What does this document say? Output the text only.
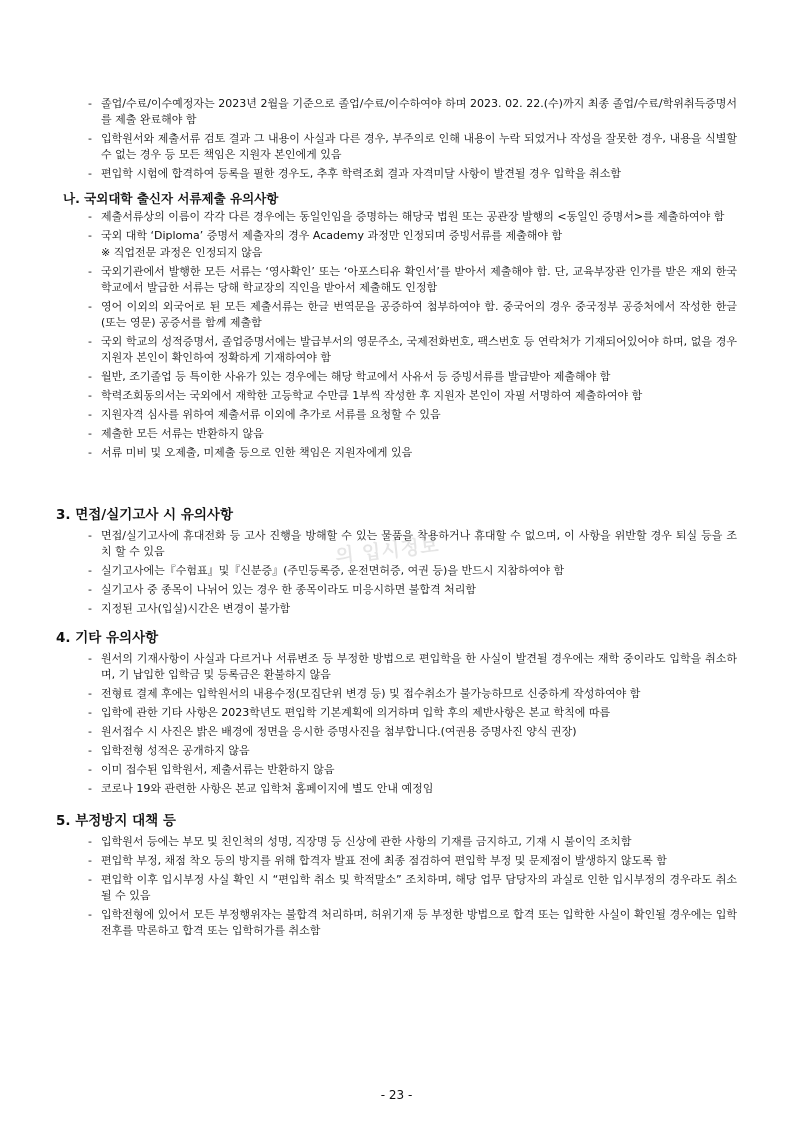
- 졸업/수료/이수예정자는 2023년 2월을 기준으로 졸업/수료/이수하여야 하며 2023. 02. 22.(수)까지 최종 졸업/수료/학위취득증명서를 제출 완료해야 함
- 입학원서와 제출서류 검토 결과 그 내용이 사실과 다른 경우, 부주의로 인해 내용이 누락 되었거나 작성을 잘못한 경우, 내용을 식별할 수 없는 경우 등 모든 책임은 지원자 본인에게 있음
- 편입학 시험에 합격하여 등록을 필한 경우도, 추후 학력조회 결과 자격미달 사항이 발견될 경우 입학을 취소함
나. 국외대학 출신자 서류제출 유의사항
- 제출서류상의 이름이 각각 다른 경우에는 동일인임을 증명하는 해당국 법원 또는 공관장 발행의 <동일인 증명서>를 제출하여야 함
- 국외 대학 ‘Diploma’ 증명서 제출자의 경우 Academy 과정만 인정되며 증빙서류를 제출해야 함
※ 직업전문 과정은 인정되지 않음
- 국외기관에서 발행한 모든 서류는 ‘영사확인’ 또는 ‘아포스티유 확인서’를 받아서 제출해야 함. 단, 교육부장관 인가를 받은 재외 한국학교에서 발급한 서류는 당해 학교장의 직인을 받아서 제출해도 인정함
- 영어 이외의 외국어로 된 모든 제출서류는 한글 번역문을 공증하여 첨부하여야 함. 중국어의 경우 중국정부 공증처에서 작성한 한글(또는 영문) 공증서를 함께 제출함
- 국외 학교의 성적증명서, 졸업증명서에는 발급부서의 영문주소, 국제전화번호, 팩스번호 등 연락처가 기재되어있어야 하며, 없을 경우 지원자 본인이 확인하여 정확하게 기재하여야 함
- 월반, 조기졸업 등 특이한 사유가 있는 경우에는 해당 학교에서 사유서 등 증빙서류를 발급받아 제출해야 함
- 학력조회동의서는 국외에서 재학한 고등학교 수만큼 1부씩 작성한 후 지원자 본인이 자필 서명하여 제출하여야 함
- 지원자격 심사를 위하여 제출서류 이외에 추가로 서류를 요청할 수 있음
- 제출한 모든 서류는 반환하지 않음
- 서류 미비 및 오제출, 미제출 등으로 인한 책임은 지원자에게 있음
3. 면접/실기고사 시 유의사항
- 면접/실기고사에 휴대전화 등 고사 진행을 방해할 수 있는 물품을 착용하거나 휴대할 수 없으며, 이 사항을 위반할 경우 퇴실 등을 조치 할 수 있음
- 실기고사에는『수험표』및『신분증』(주민등록증, 운전면허증, 여권 등)을 반드시 지참하여야 함
- 실기고사 중 종목이 나뉘어 있는 경우 한 종목이라도 미응시하면 불합격 처리함
- 지정된 고사(입실)시간은 변경이 불가함
4. 기타 유의사항
- 원서의 기재사항이 사실과 다르거나 서류변조 등 부정한 방법으로 편입학을 한 사실이 발견될 경우에는 재학 중이라도 입학을 취소하며, 기 납입한 입학금 및 등록금은 환불하지 않음
- 전형료 결제 후에는 입학원서의 내용수정(모집단위 변경 등) 및 접수취소가 불가능하므로 신중하게 작성하여야 함
- 입학에 관한 기타 사항은 2023학년도 편입학 기본계획에 의거하며 입학 후의 제반사항은 본교 학칙에 따름
- 원서접수 시 사진은 밝은 배경에 정면을 응시한 증명사진을 첨부합니다.(여권용 증명사진 양식 권장)
- 입학전형 성적은 공개하지 않음
- 이미 접수된 입학원서, 제출서류는 반환하지 않음
- 코로나 19와 관련한 사항은 본교 입학처 홈페이지에 별도 안내 예정임
5. 부정방지 대책 등
- 입학원서 등에는 부모 및 친인척의 성명, 직장명 등 신상에 관한 사항의 기재를 금지하고, 기재 시 불이익 조치함
- 편입학 부정, 채점 착오 등의 방지를 위해 합격자 발표 전에 최종 점검하여 편입학 부정 및 문제점이 발생하지 않도록 함
- 편입학 이후 입시부정 사실 확인 시 “편입학 취소 및 학적말소” 조치하며, 해당 업무 담당자의 과실로 인한 입시부정의 경우라도 취소될 수 있음
- 입학전형에 있어서 모든 부정행위자는 불합격 처리하며, 허위기재 등 부정한 방법으로 합격 또는 입학한 사실이 확인될 경우에는 입학 전후를 막론하고 합격 또는 입학허가를 취소함
의 입시정보
- 23 -
